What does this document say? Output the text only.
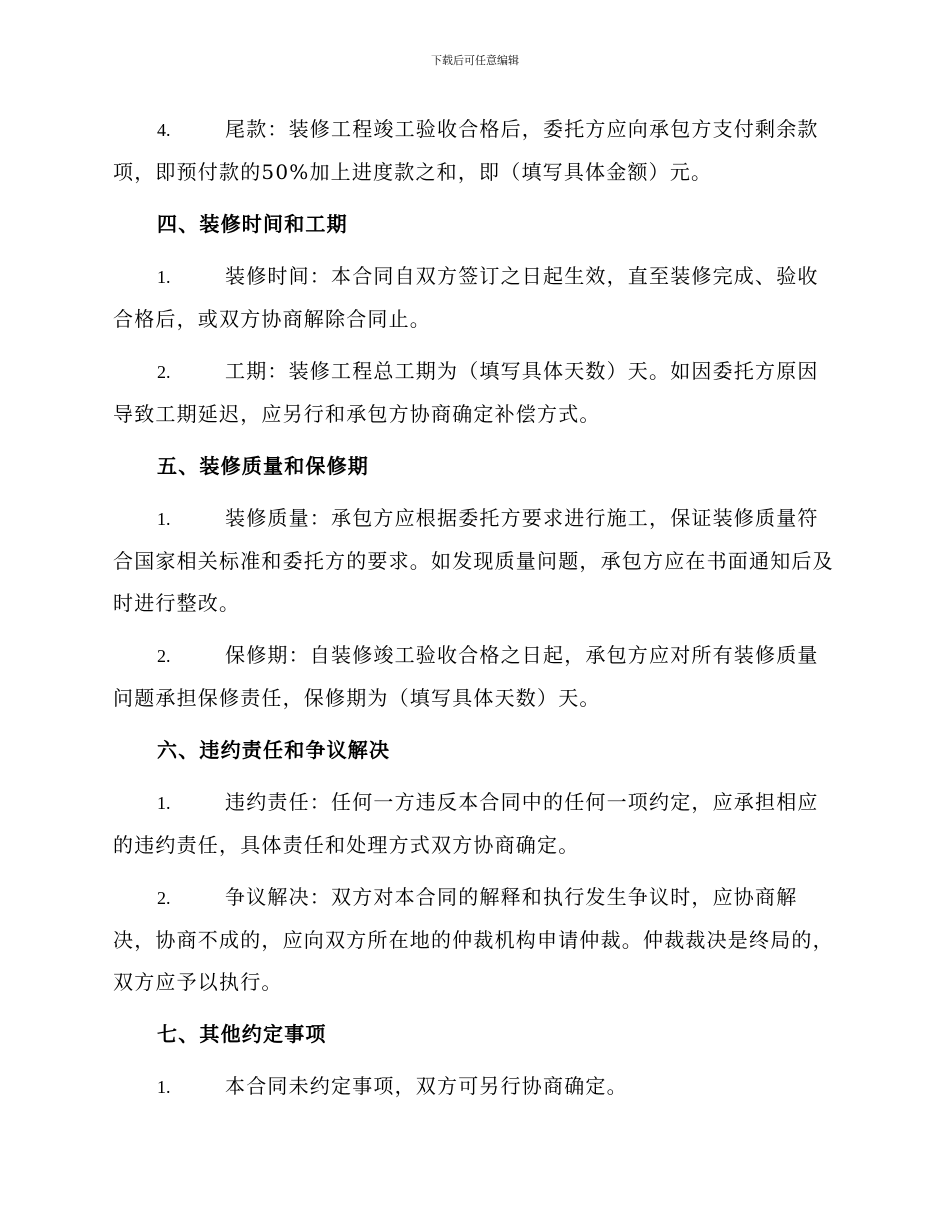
下载后可任意编辑

4.	尾款：装修工程竣工验收合格后，委托方应向承包方支付剩余款项，即预付款的50%加上进度款之和，即（填写具体金额）元。

四、装修时间和工期

1.	装修时间：本合同自双方签订之日起生效，直至装修完成、验收合格后，或双方协商解除合同止。

2.	工期：装修工程总工期为（填写具体天数）天。如因委托方原因导致工期延迟，应另行和承包方协商确定补偿方式。

五、装修质量和保修期

1.	装修质量：承包方应根据委托方要求进行施工，保证装修质量符合国家相关标准和委托方的要求。如发现质量问题，承包方应在书面通知后及时进行整改。

2.	保修期：自装修竣工验收合格之日起，承包方应对所有装修质量问题承担保修责任，保修期为（填写具体天数）天。

六、违约责任和争议解决

1.	违约责任：任何一方违反本合同中的任何一项约定，应承担相应的违约责任，具体责任和处理方式双方协商确定。

2.	争议解决：双方对本合同的解释和执行发生争议时，应协商解决，协商不成的，应向双方所在地的仲裁机构申请仲裁。仲裁裁决是终局的，双方应予以执行。

七、其他约定事项

1.	本合同未约定事项，双方可另行协商确定。
